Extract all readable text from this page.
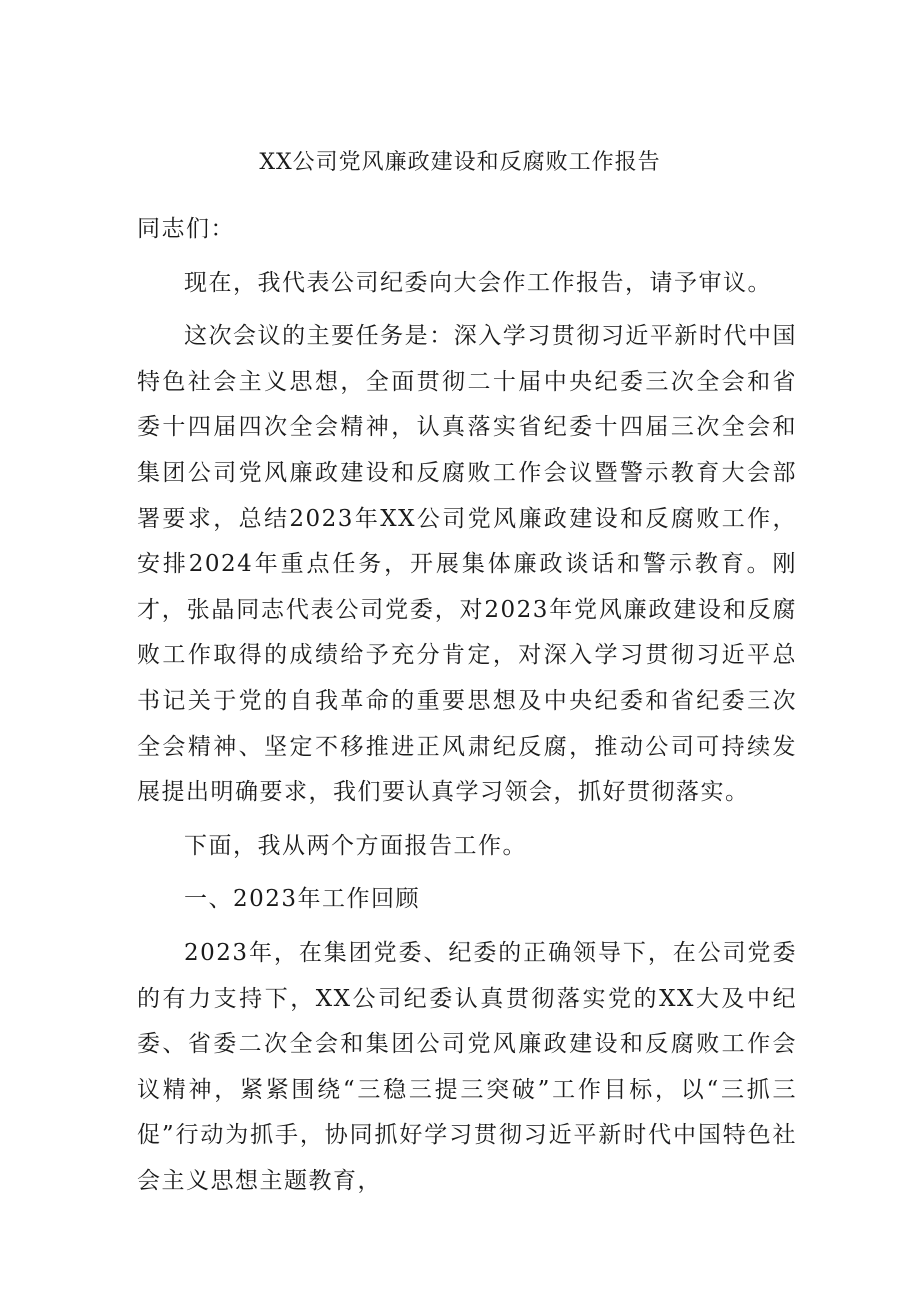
XX公司党风廉政建设和反腐败工作报告

同志们：

现在，我代表公司纪委向大会作工作报告，请予审议。

这次会议的主要任务是：深入学习贯彻习近平新时代中国特色社会主义思想，全面贯彻二十届中央纪委三次全会和省委十四届四次全会精神，认真落实省纪委十四届三次全会和集团公司党风廉政建设和反腐败工作会议暨警示教育大会部署要求，总结2023年XX公司党风廉政建设和反腐败工作，安排2024年重点任务，开展集体廉政谈话和警示教育。刚才，张晶同志代表公司党委，对2023年党风廉政建设和反腐败工作取得的成绩给予充分肯定，对深入学习贯彻习近平总书记关于党的自我革命的重要思想及中央纪委和省纪委三次全会精神、坚定不移推进正风肃纪反腐，推动公司可持续发展提出明确要求，我们要认真学习领会，抓好贯彻落实。

下面，我从两个方面报告工作。

一、2023年工作回顾

2023年，在集团党委、纪委的正确领导下，在公司党委的有力支持下，XX公司纪委认真贯彻落实党的XX大及中纪委、省委二次全会和集团公司党风廉政建设和反腐败工作会议精神，紧紧围绕“三稳三提三突破”工作目标，以“三抓三促”行动为抓手，协同抓好学习贯彻习近平新时代中国特色社会主义思想主题教育，
